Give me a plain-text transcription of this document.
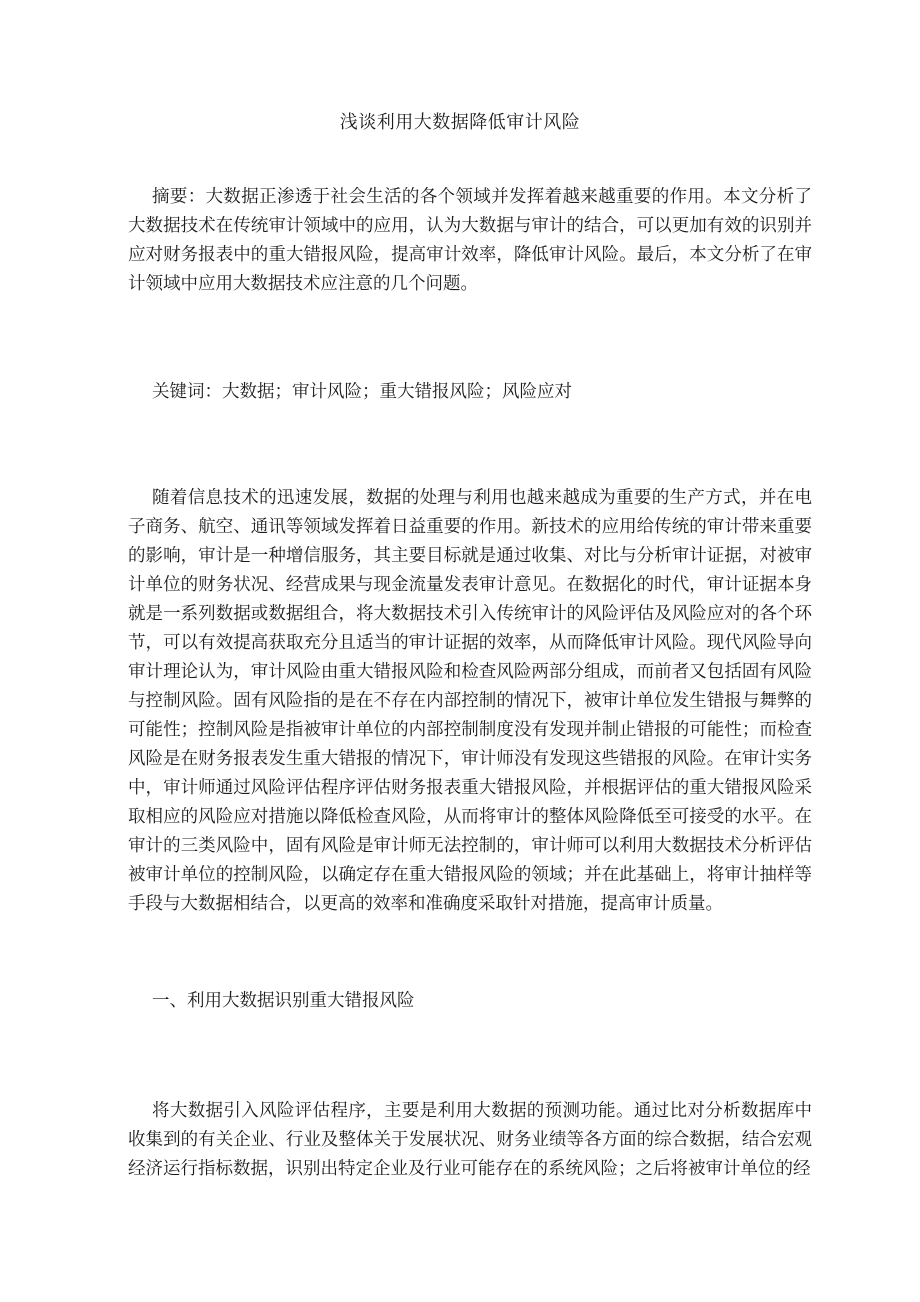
浅谈利用大数据降低审计风险
摘要：大数据正渗透于社会生活的各个领域并发挥着越来越重要的作用。本文分析了大数据技术在传统审计领域中的应用，认为大数据与审计的结合，可以更加有效的识别并应对财务报表中的重大错报风险，提高审计效率，降低审计风险。最后，本文分析了在审计领域中应用大数据技术应注意的几个问题。
关键词：大数据；审计风险；重大错报风险；风险应对
随着信息技术的迅速发展，数据的处理与利用也越来越成为重要的生产方式，并在电子商务、航空、通讯等领域发挥着日益重要的作用。新技术的应用给传统的审计带来重要的影响，审计是一种增信服务，其主要目标就是通过收集、对比与分析审计证据，对被审计单位的财务状况、经营成果与现金流量发表审计意见。在数据化的时代，审计证据本身就是一系列数据或数据组合，将大数据技术引入传统审计的风险评估及风险应对的各个环节，可以有效提高获取充分且适当的审计证据的效率，从而降低审计风险。现代风险导向审计理论认为，审计风险由重大错报风险和检查风险两部分组成，而前者又包括固有风险与控制风险。固有风险指的是在不存在内部控制的情况下，被审计单位发生错报与舞弊的可能性；控制风险是指被审计单位的内部控制制度没有发现并制止错报的可能性；而检查风险是在财务报表发生重大错报的情况下，审计师没有发现这些错报的风险。在审计实务中，审计师通过风险评估程序评估财务报表重大错报风险，并根据评估的重大错报风险采取相应的风险应对措施以降低检查风险，从而将审计的整体风险降低至可接受的水平。在审计的三类风险中，固有风险是审计师无法控制的，审计师可以利用大数据技术分析评估被审计单位的控制风险，以确定存在重大错报风险的领域；并在此基础上，将审计抽样等手段与大数据相结合，以更高的效率和准确度采取针对措施，提高审计质量。
一、利用大数据识别重大错报风险
将大数据引入风险评估程序，主要是利用大数据的预测功能。通过比对分析数据库中收集到的有关企业、行业及整体关于发展状况、财务业绩等各方面的综合数据，结合宏观经济运行指标数据，识别出特定企业及行业可能存在的系统风险；之后将被审计单位的经
